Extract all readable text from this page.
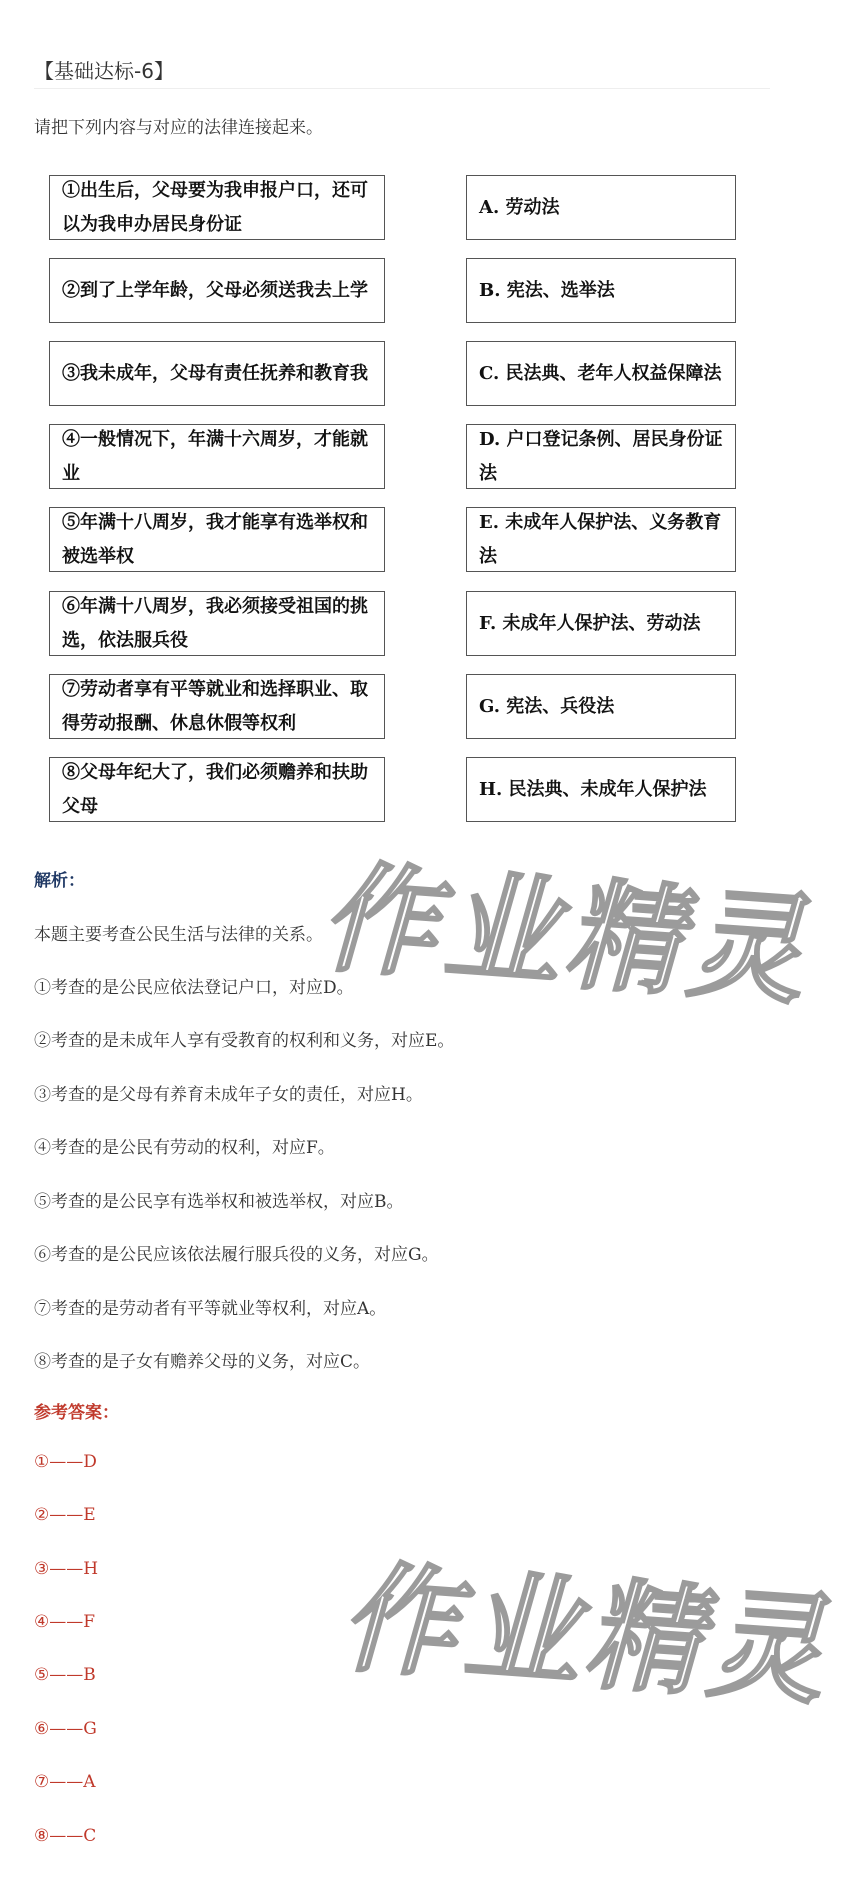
【基础达标-6】
请把下列内容与对应的法律连接起来。
①出生后，父母要为我申报户口，还可以为我申办居民身份证
②到了上学年龄，父母必须送我去上学
③我未成年，父母有责任抚养和教育我
④一般情况下，年满十六周岁，才能就业
⑤年满十八周岁，我才能享有选举权和被选举权
⑥年满十八周岁，我必须接受祖国的挑选，依法服兵役
⑦劳动者享有平等就业和选择职业、取得劳动报酬、休息休假等权利
⑧父母年纪大了，我们必须赡养和扶助父母
A. 劳动法
B. 宪法、选举法
C. 民法典、老年人权益保障法
D. 户口登记条例、居民身份证法
E. 未成年人保护法、义务教育法
F. 未成年人保护法、劳动法
G. 宪法、兵役法
H. 民法典、未成年人保护法
解析：
本题主要考查公民生活与法律的关系。
①考查的是公民应依法登记户口，对应D。
②考查的是未成年人享有受教育的权利和义务，对应E。
③考查的是父母有养育未成年子女的责任，对应H。
④考查的是公民有劳动的权利，对应F。
⑤考查的是公民享有选举权和被选举权，对应B。
⑥考查的是公民应该依法履行服兵役的义务，对应G。
⑦考查的是劳动者有平等就业等权利，对应A。
⑧考查的是子女有赡养父母的义务，对应C。
参考答案：
①——D
②——E
③——H
④——F
⑤——B
⑥——G
⑦——A
⑧——C
作业精灵
作业精灵
